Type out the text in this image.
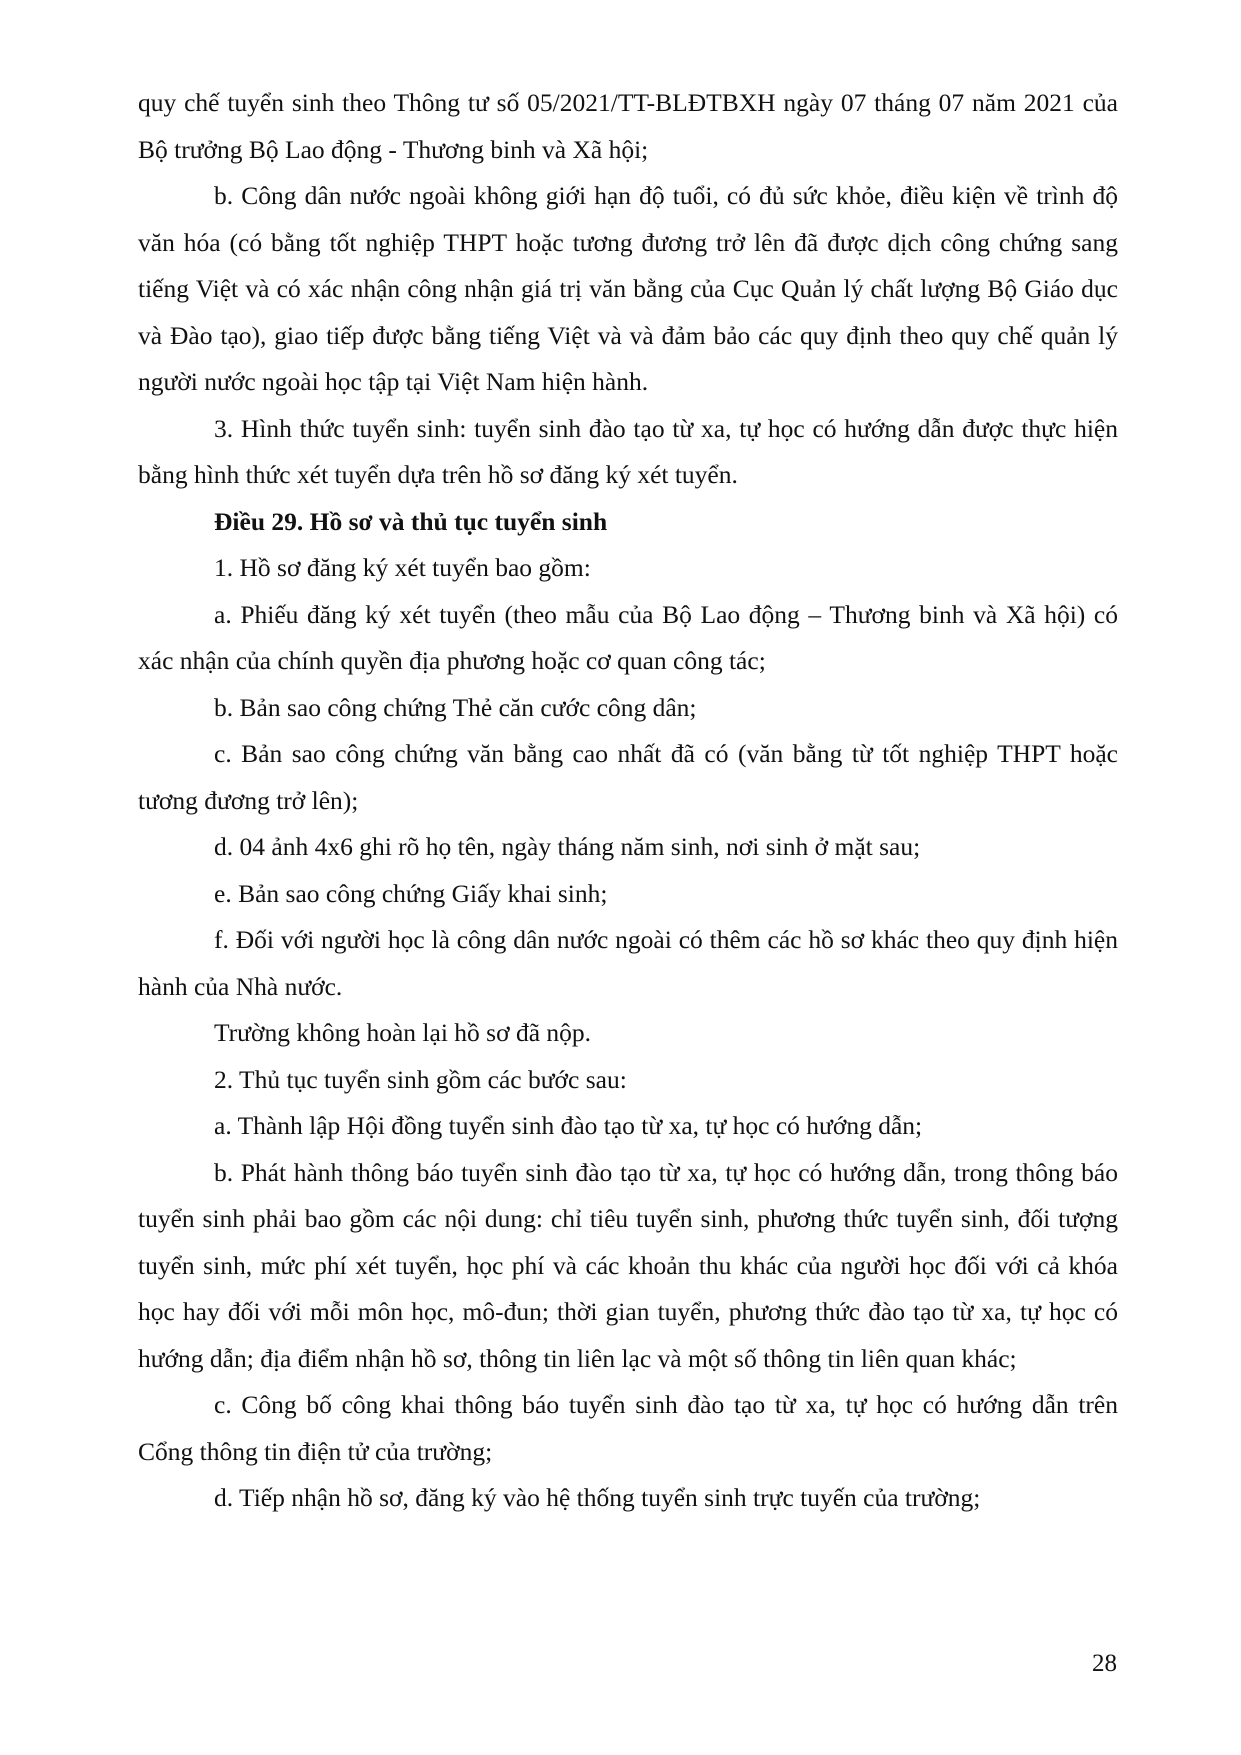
quy chế tuyển sinh theo Thông tư số 05/2021/TT-BLĐTBXH ngày 07 tháng 07 năm 2021 của Bộ trưởng Bộ Lao động - Thương binh và Xã hội;

b. Công dân nước ngoài không giới hạn độ tuổi, có đủ sức khỏe, điều kiện về trình độ văn hóa (có bằng tốt nghiệp THPT hoặc tương đương trở lên đã được dịch công chứng sang tiếng Việt và có xác nhận công nhận giá trị văn bằng của Cục Quản lý chất lượng Bộ Giáo dục và Đào tạo), giao tiếp được bằng tiếng Việt và và đảm bảo các quy định theo quy chế quản lý người nước ngoài học tập tại Việt Nam hiện hành.

3. Hình thức tuyển sinh: tuyển sinh đào tạo từ xa, tự học có hướng dẫn được thực hiện bằng hình thức xét tuyển dựa trên hồ sơ đăng ký xét tuyển.

Điều 29. Hồ sơ và thủ tục tuyển sinh

1. Hồ sơ đăng ký xét tuyển bao gồm:

a. Phiếu đăng ký xét tuyển (theo mẫu của Bộ Lao động – Thương binh và Xã hội) có xác nhận của chính quyền địa phương hoặc cơ quan công tác;

b. Bản sao công chứng Thẻ căn cước công dân;

c. Bản sao công chứng văn bằng cao nhất đã có (văn bằng từ tốt nghiệp THPT hoặc tương đương trở lên);

d. 04 ảnh 4x6 ghi rõ họ tên, ngày tháng năm sinh, nơi sinh ở mặt sau;

e. Bản sao công chứng Giấy khai sinh;

f. Đối với người học là công dân nước ngoài có thêm các hồ sơ khác theo quy định hiện hành của Nhà nước.

Trường không hoàn lại hồ sơ đã nộp.

2. Thủ tục tuyển sinh gồm các bước sau:

a. Thành lập Hội đồng tuyển sinh đào tạo từ xa, tự học có hướng dẫn;

b. Phát hành thông báo tuyển sinh đào tạo từ xa, tự học có hướng dẫn, trong thông báo tuyển sinh phải bao gồm các nội dung: chỉ tiêu tuyển sinh, phương thức tuyển sinh, đối tượng tuyển sinh, mức phí xét tuyển, học phí và các khoản thu khác của người học đối với cả khóa học hay đối với mỗi môn học, mô-đun; thời gian tuyển, phương thức đào tạo từ xa, tự học có hướng dẫn; địa điểm nhận hồ sơ, thông tin liên lạc và một số thông tin liên quan khác;

c. Công bố công khai thông báo tuyển sinh đào tạo từ xa, tự học có hướng dẫn trên Cổng thông tin điện tử của trường;

d. Tiếp nhận hồ sơ, đăng ký vào hệ thống tuyển sinh trực tuyến của trường;

28
